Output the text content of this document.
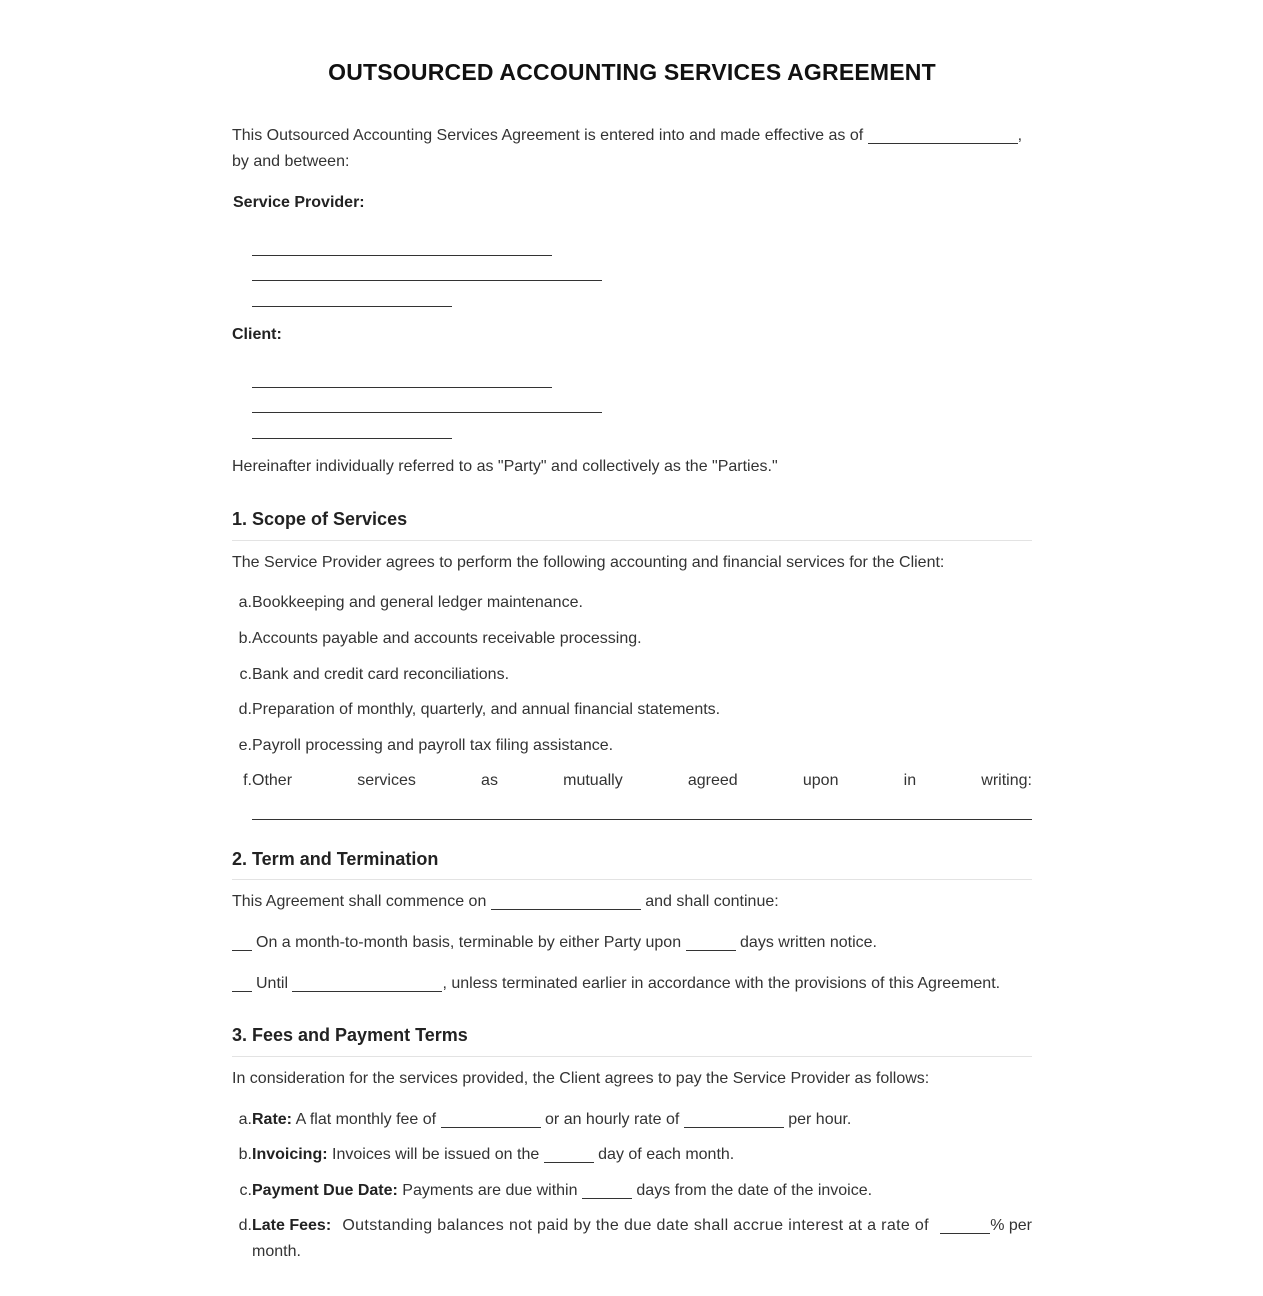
OUTSOURCED ACCOUNTING SERVICES AGREEMENT
This Outsourced Accounting Services Agreement is entered into and made effective as of	,
by and between:
Service Provider:
Client:
Hereinafter individually referred to as "Party" and collectively as the "Parties."
1. Scope of Services
The Service Provider agrees to perform the following accounting and financial services for the Client:
a. Bookkeeping and general ledger maintenance.
b. Accounts payable and accounts receivable processing.
c. Bank and credit card reconciliations.
d. Preparation of monthly, quarterly, and annual financial statements.
e. Payroll processing and payroll tax filing assistance.
f. Other	services	as	mutually	agreed	upon	in	writing:
2. Term and Termination
This Agreement shall commence on	and shall continue:
On a month-to-month basis, terminable by either Party upon	days written notice.
Until	, unless terminated earlier in accordance with the provisions of this Agreement.
3. Fees and Payment Terms
In consideration for the services provided, the Client agrees to pay the Service Provider as follows:
a. Rate: A flat monthly fee of	or an hourly rate of	per hour.
b. Invoicing: Invoices will be issued on the	day of each month.
c. Payment Due Date: Payments are due within	days from the date of the invoice.
d. Late Fees: Outstanding balances not paid by the due date shall accrue interest at a rate of	% per
month.
